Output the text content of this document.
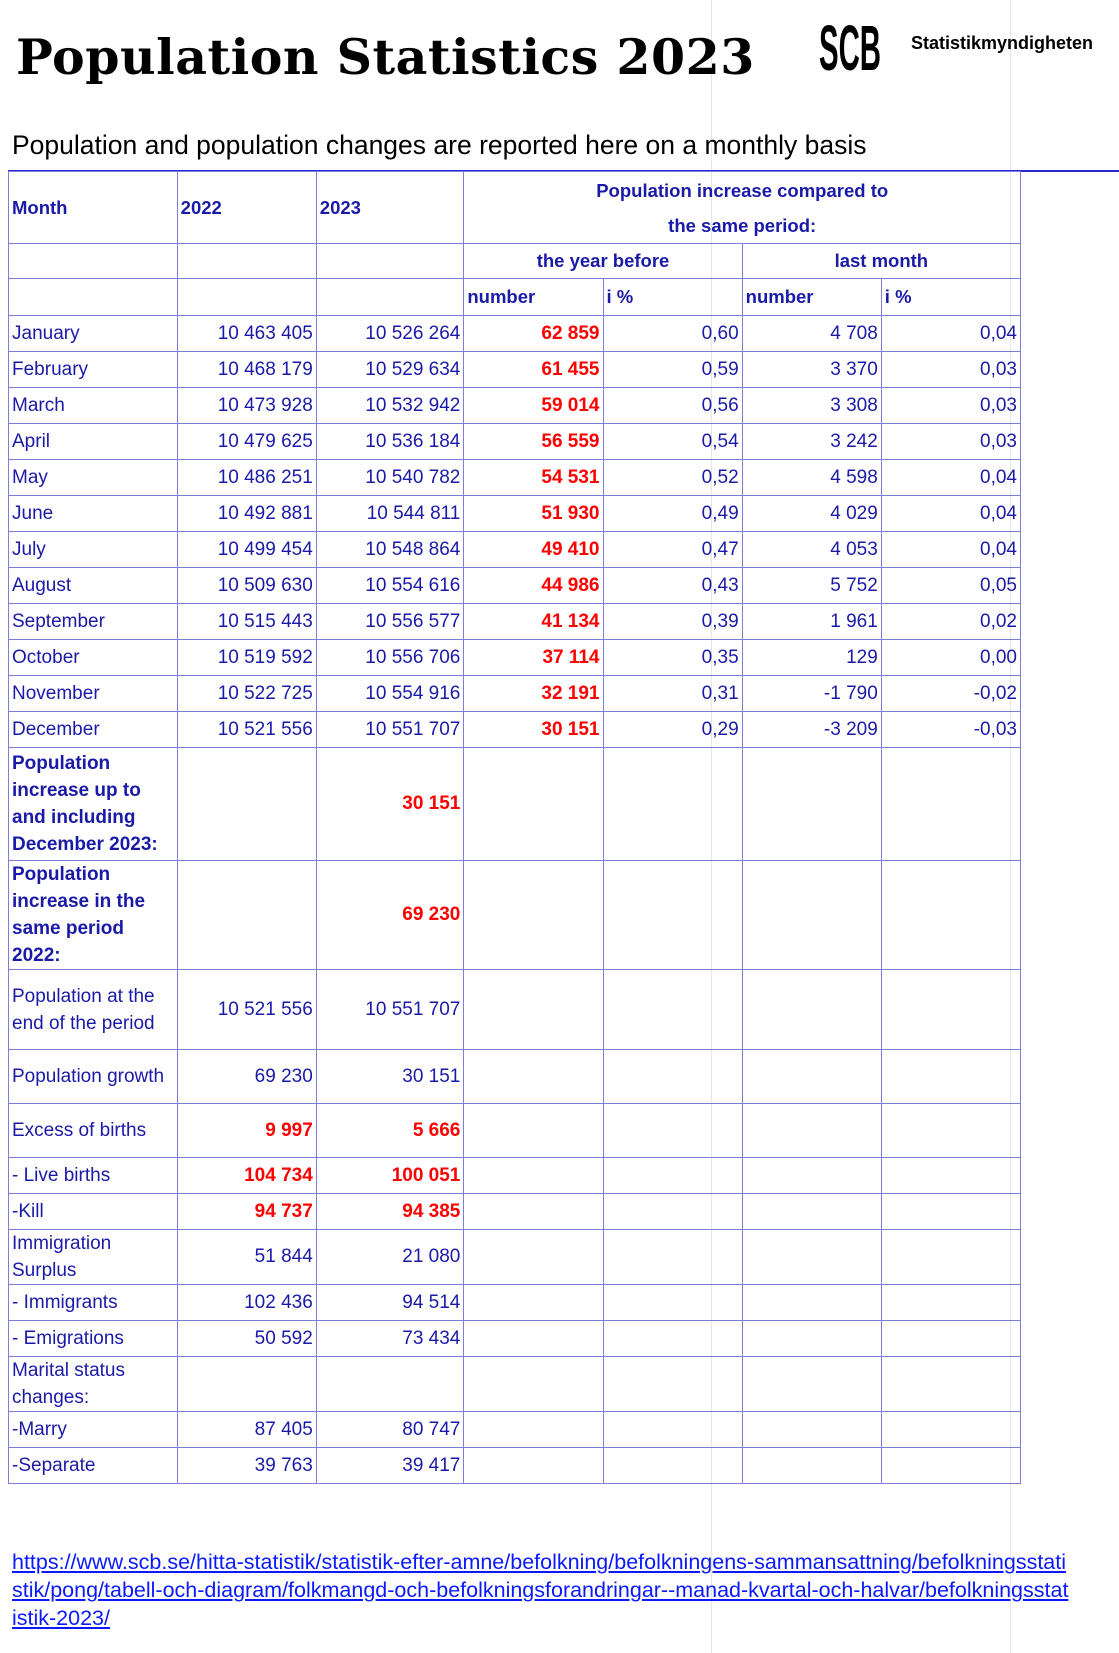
Population Statistics 2023 SCB Statistikmyndigheten
Population and population changes are reported here on a monthly basis
Month	2022	2023	Population increase compared to
the same period:			

			the year before		last month	
			number	i %	number	i %
January	10 463 405	10 526 264	62 859	0,60	4 708	0,04
February	10 468 179	10 529 634	61 455	0,59	3 370	0,03
March	10 473 928	10 532 942	59 014	0,56	3 308	0,03
April	10 479 625	10 536 184	56 559	0,54	3 242	0,03
May	10 486 251	10 540 782	54 531	0,52	4 598	0,04
June	10 492 881	10 544 811	51 930	0,49	4 029	0,04
July	10 499 454	10 548 864	49 410	0,47	4 053	0,04
August	10 509 630	10 554 616	44 986	0,43	5 752	0,05
September	10 515 443	10 556 577	41 134	0,39	1 961	0,02
October	10 519 592	10 556 706	37 114	0,35	129	0,00
November	10 522 725	10 554 916	32 191	0,31	-1 790	-0,02
December	10 521 556	10 551 707	30 151	0,29	-3 209	-0,03
Population increase up to and including December 2023:		30 151				
Population increase in the same period 2022:		69 230				
Population at the end of the period	10 521 556	10 551 707				
Population growth	69 230	30 151				
Excess of births	9 997	5 666				
- Live births	104 734	100 051				
-Kill	94 737	94 385				
Immigration Surplus	51 844	21 080				
- Immigrants	102 436	94 514				
- Emigrations	50 592	73 434				
Marital status changes:						
-Marry	87 405	80 747				
-Separate	39 763	39 417				
https://www.scb.se/hitta-statistik/statistik-efter-amne/befolkning/befolkningens-sammansattning/befolkningsstatistik/pong/tabell-och-diagram/folkmangd-och-befolkningsforandringar--manad-kvartal-och-halvar/befolkningsstatistik-2023/
